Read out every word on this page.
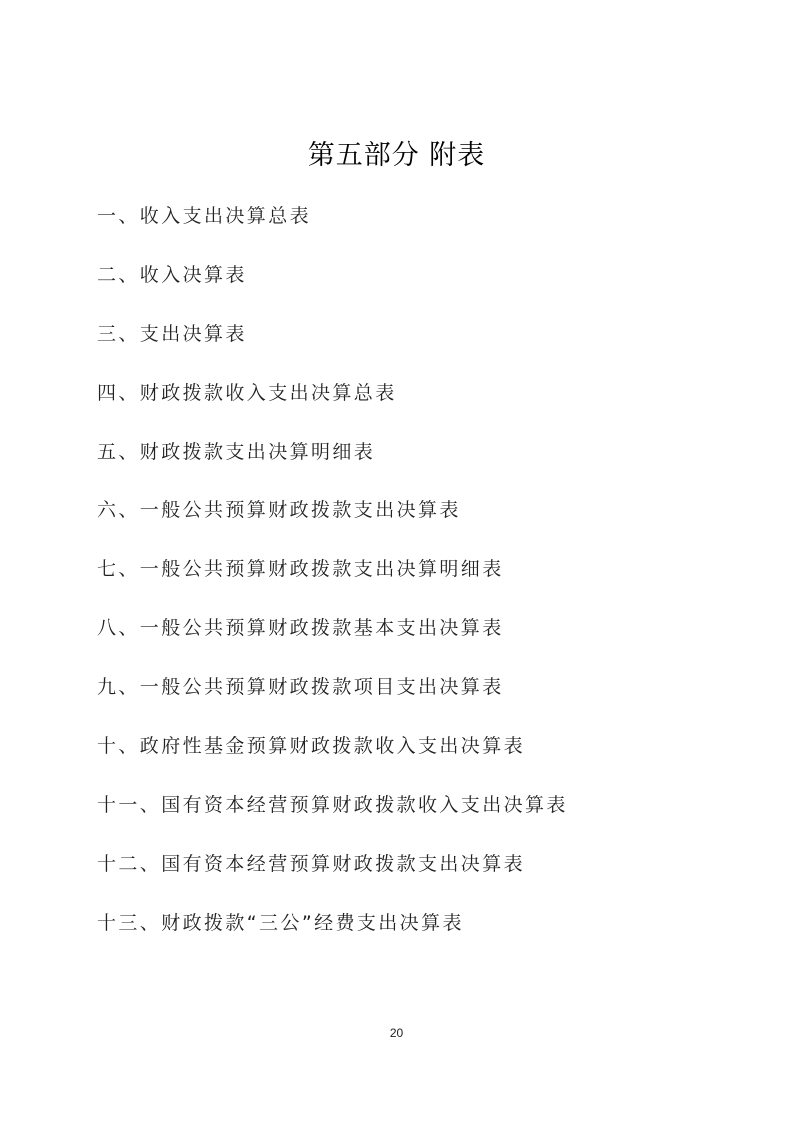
第五部分 附表
一、收入支出决算总表
二、收入决算表
三、支出决算表
四、财政拨款收入支出决算总表
五、财政拨款支出决算明细表
六、一般公共预算财政拨款支出决算表
七、一般公共预算财政拨款支出决算明细表
八、一般公共预算财政拨款基本支出决算表
九、一般公共预算财政拨款项目支出决算表
十、政府性基金预算财政拨款收入支出决算表
十一、国有资本经营预算财政拨款收入支出决算表
十二、国有资本经营预算财政拨款支出决算表
十三、财政拨款“三公”经费支出决算表
20
